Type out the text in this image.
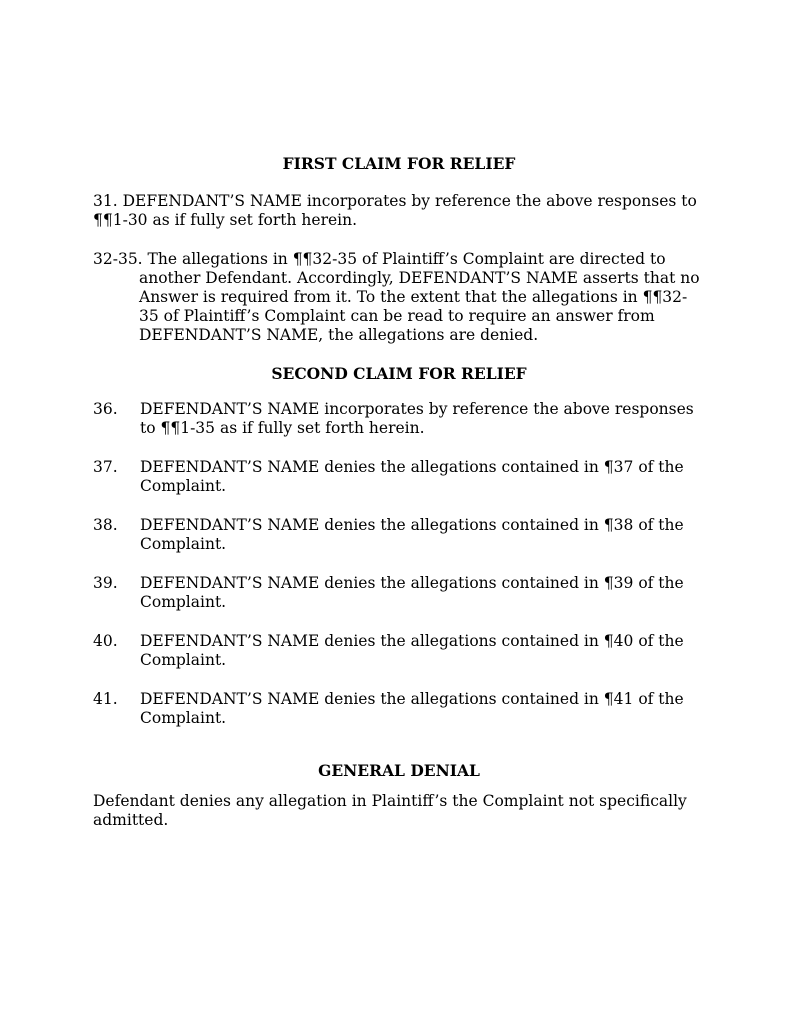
FIRST CLAIM FOR RELIEF

31. DEFENDANT’S NAME incorporates by reference the above responses to ¶¶1-30 as if fully set forth herein.

32-35. The allegations in ¶¶32-35 of Plaintiff’s Complaint are directed to another Defendant. Accordingly, DEFENDANT’S NAME asserts that no Answer is required from it. To the extent that the allegations in ¶¶32-35 of Plaintiff’s Complaint can be read to require an answer from DEFENDANT’S NAME, the allegations are denied.

SECOND CLAIM FOR RELIEF
36.	DEFENDANT’S NAME incorporates by reference the above responses to ¶¶1-35 as if fully set forth herein.
37.	DEFENDANT’S NAME denies the allegations contained in ¶37 of the Complaint.
38.	DEFENDANT’S NAME denies the allegations contained in ¶38 of the Complaint.
39.	DEFENDANT’S NAME denies the allegations contained in ¶39 of the Complaint.
40.	DEFENDANT’S NAME denies the allegations contained in ¶40 of the Complaint.
41.	DEFENDANT’S NAME denies the allegations contained in ¶41 of the Complaint.
GENERAL DENIAL

Defendant denies any allegation in Plaintiff’s the Complaint not specifically admitted.
